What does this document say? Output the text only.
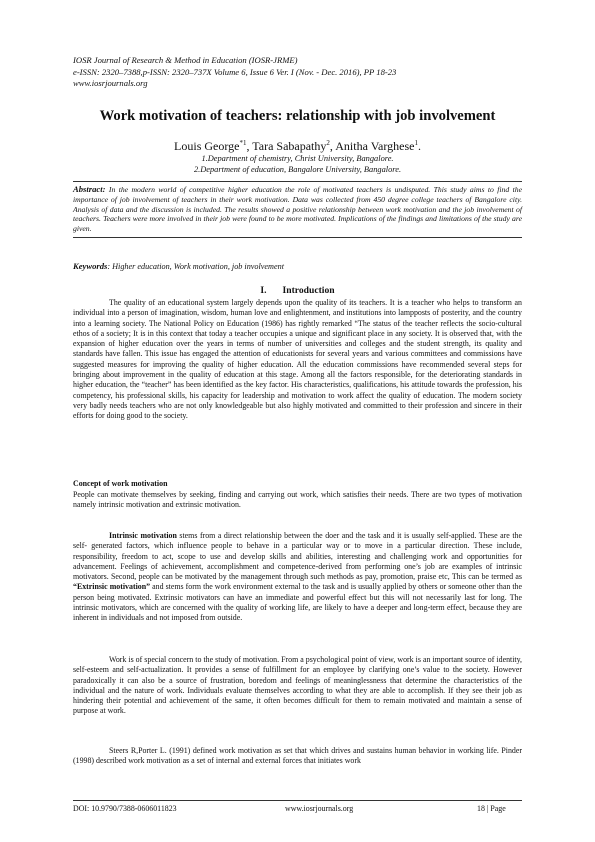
IOSR Journal of Research & Method in Education (IOSR-JRME)
e-ISSN: 2320–7388,p-ISSN: 2320–737X Volume 6, Issue 6 Ver. I (Nov. - Dec. 2016), PP 18-23
www.iosrjournals.org
Work motivation of teachers: relationship with job involvement
Louis George$^{*1}$, Tara Sabapathy$^2$, Anitha Varghese$^1$.
1.Department of chemistry, Christ University, Bangalore.
2.Department of education, Bangalore University, Bangalore.
Abstract: In the modern world of competitive higher education the role of motivated teachers is undisputed. This study aims to find the importance of job involvement of teachers in their work motivation. Data was collected from 450 degree college teachers of Bangalore city. Analysis of data and the discussion is included. The results showed a positive relationship between work motivation and the job involvement of teachers. Teachers were more involved in their job were found to be more motivated. Implications of the findings and limitations of the study are given.
Keywords: Higher education, Work motivation, job involvement
I. Introduction

The quality of an educational system largely depends upon the quality of its teachers. It is a teacher who helps to transform an individual into a person of imagination, wisdom, human love and enlightenment, and institutions into lampposts of posterity, and the country into a learning society. The National Policy on Education (1986) has rightly remarked “The status of the teacher reflects the socio-cultural ethos of a society; It is in this context that today a teacher occupies a unique and significant place in any society. It is observed that, with the expansion of higher education over the years in terms of number of universities and colleges and the student strength, its quality and standards have fallen. This issue has engaged the attention of educationists for several years and various committees and commissions have suggested measures for improving the quality of higher education. All the education commissions have recommended several steps for bringing about improvement in the quality of education at this stage. Among all the factors responsible, for the deteriorating standards in higher education, the “teacher” has been identified as the key factor. His characteristics, qualifications, his attitude towards the profession, his competency, his professional skills, his capacity for leadership and motivation to work affect the quality of education. The modern society very badly needs teachers who are not only knowledgeable but also highly motivated and committed to their profession and sincere in their efforts for doing good to the society.

Concept of work motivation

People can motivate themselves by seeking, finding and carrying out work, which satisfies their needs. There are two types of motivation namely intrinsic motivation and extrinsic motivation.

Intrinsic motivation stems from a direct relationship between the doer and the task and it is usually self-applied. These are the self- generated factors, which influence people to behave in a particular way or to move in a particular direction. These include, responsibility, freedom to act, scope to use and develop skills and abilities, interesting and challenging work and opportunities for advancement. Feelings of achievement, accomplishment and competence-derived from performing one’s job are examples of intrinsic motivators. Second, people can be motivated by the management through such methods as pay, promotion, praise etc, This can be termed as “Extrinsic motivation” and stems form the work environment external to the task and is usually applied by others or someone other than the person being motivated. Extrinsic motivators can have an immediate and powerful effect but this will not necessarily last for long. The intrinsic motivators, which are concerned with the quality of working life, are likely to have a deeper and long-term effect, because they are inherent in individuals and not imposed from outside.

Work is of special concern to the study of motivation. From a psychological point of view, work is an important source of identity, self-esteem and self-actualization. It provides a sense of fulfillment for an employee by clarifying one’s value to the society. However paradoxically it can also be a source of frustration, boredom and feelings of meaninglessness that determine the characteristics of the individual and the nature of work. Individuals evaluate themselves according to what they are able to accomplish. If they see their job as hindering their potential and achievement of the same, it often becomes difficult for them to remain motivated and maintain a sense of purpose at work.

Steers R,Porter L. (1991) defined work motivation as set that which drives and sustains human behavior in working life. Pinder (1998) described work motivation as a set of internal and external forces that initiates work

DOI: 10.9790/7388-0606011823	www.iosrjournals.org	18 | Page
